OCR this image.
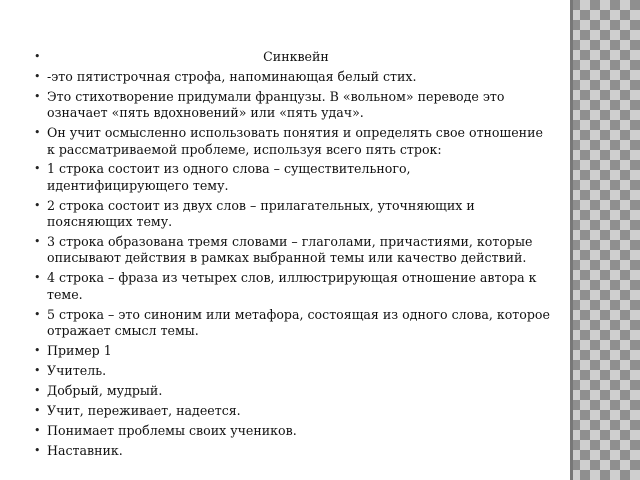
• Синквейн
• -это пятистрочная строфа, напоминающая белый стих.
• Это стихотворение придумали французы. В «вольном» переводе это означает «пять вдохновений» или «пять удач».
• Он учит осмысленно использовать понятия и определять свое отношение к рассматриваемой проблеме, используя всего пять строк:
• 1 строка состоит из одного слова – существительного, идентифицирующего тему.
• 2 строка состоит из двух слов – прилагательных, уточняющих и поясняющих тему.
• 3 строка образована тремя словами – глаголами, причастиями, которые описывают действия в рамках выбранной темы или качество действий.
• 4 строка – фраза из четырех слов, иллюстрирующая отношение автора к теме.
• 5 строка – это синоним или метафора, состоящая из одного слова, которое отражает смысл темы.
• Пример 1
• Учитель.
• Добрый, мудрый.
• Учит, переживает, надеется.
• Понимает проблемы своих учеников.
• Наставник.
